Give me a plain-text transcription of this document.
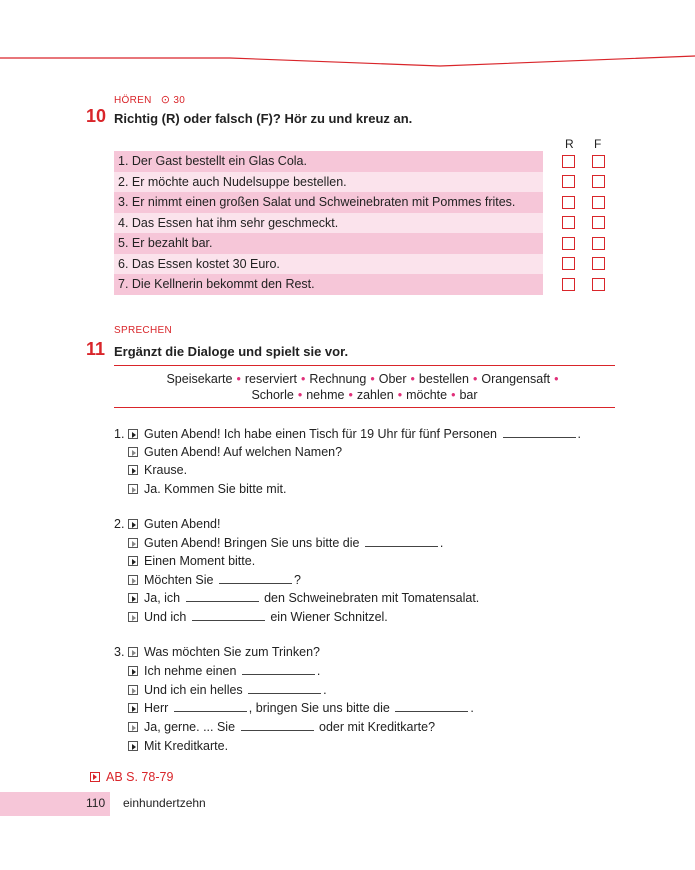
HÖREN ⊙ 30
10 Richtig (R) oder falsch (F)? Hör zu und kreuz an.
R F
1. Der Gast bestellt ein Glas Cola.
2. Er möchte auch Nudelsuppe bestellen.
3. Er nimmt einen großen Salat und Schweinebraten mit Pommes frites.
4. Das Essen hat ihm sehr geschmeckt.
5. Er bezahlt bar.
6. Das Essen kostet 30 Euro.
7. Die Kellnerin bekommt den Rest.
SPRECHEN
11 Ergänzt die Dialoge und spielt sie vor.
Speisekarte • reserviert • Rechnung • Ober • bestellen • Orangensaft •
Schorle • nehme • zahlen • möchte • bar
1. Guten Abend! Ich habe einen Tisch für 19 Uhr für fünf Personen	.
Guten Abend! Auf welchen Namen?
Krause.
Ja. Kommen Sie bitte mit.
2. Guten Abend!
Guten Abend! Bringen Sie uns bitte die	.
Einen Moment bitte.
Möchten Sie	?
Ja, ich	den Schweinebraten mit Tomatensalat.
Und ich	ein Wiener Schnitzel.
3. Was möchten Sie zum Trinken?
Ich nehme einen	.
Und ich ein helles	.
Herr	, bringen Sie uns bitte die	.
Ja, gerne. ... Sie	oder mit Kreditkarte?
Mit Kreditkarte.
AB S. 78-79
110 einhundertzehn
